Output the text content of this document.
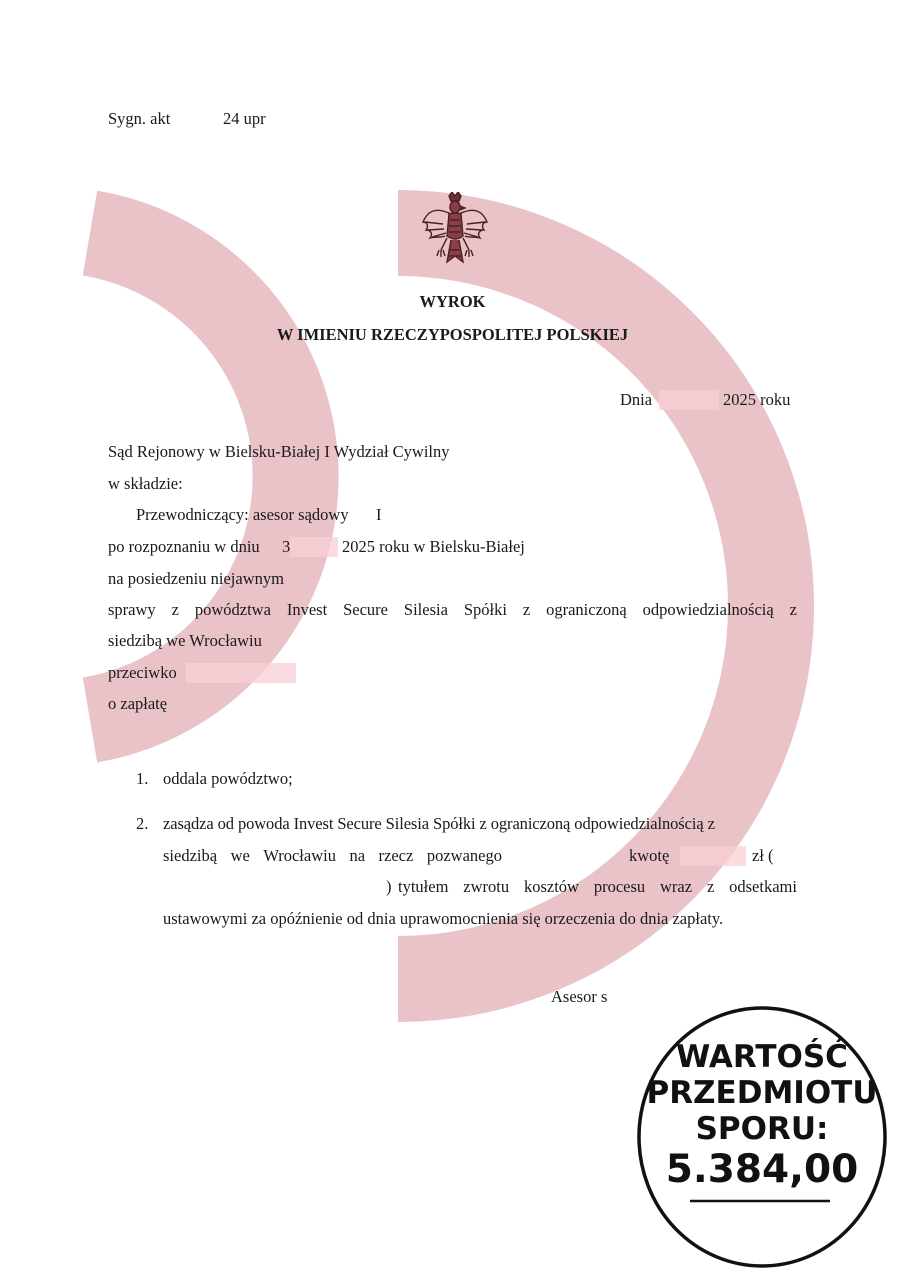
Sygn. akt	24 upr
WYROK
W IMIENIU RZECZYPOSPOLITEJ POLSKIEJ
Dnia	2025 roku
Sąd Rejonowy w Bielsku-Białej I Wydział Cywilny
w składzie:
Przewodniczący: asesor sądowy I
po rozpoznaniu w dniu 3	2025 roku w Bielsku-Białej
na posiedzeniu niejawnym
sprawy z powództwa Invest Secure Silesia Spółki z ograniczoną odpowiedzialnością z
siedzibą we Wrocławiu
przeciwko
o zapłatę
1. oddala powództwo;
2. zasądza od powoda Invest Secure Silesia Spółki z ograniczoną odpowiedzialnością z
siedzibą we Wrocławiu na rzecz pozwanego	kwotę	zł (
) tytułem zwrotu kosztów procesu wraz z odsetkami
ustawowymi za opóźnienie od dnia uprawomocnienia się orzeczenia do dnia zapłaty.
Asesor s
WARTOŚĆ
PRZEDMIOTU
SPORU:
5.384,00
